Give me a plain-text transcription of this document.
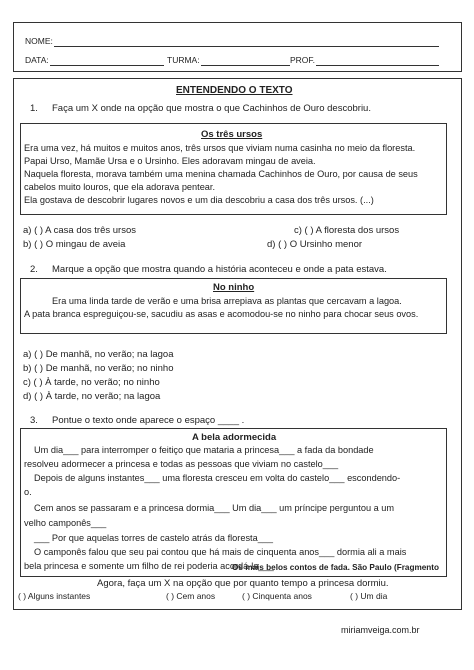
NOME:
DATA:	TURMA:	PROF.
ENTENDENDO O TEXTO
1. Faça um X onde na opção que mostra o que Cachinhos de Ouro descobriu.
Os três ursos
Era uma vez, há muitos e muitos anos, três ursos que viviam numa casinha no meio da floresta.
Papai Urso, Mamãe Ursa e o Ursinho. Eles adoravam mingau de aveia.
Naquela floresta, morava também uma menina chamada Cachinhos de Ouro, por causa de seus
cabelos muito louros, que ela adorava pentear.
Ela gostava de descobrir lugares novos e um dia descobriu a casa dos três ursos. (...)
a) ( ) A casa dos três ursos	c) ( ) A floresta dos ursos
b) ( ) O mingau de aveia	d) ( ) O Ursinho menor
2. Marque a opção que mostra quando a história aconteceu e onde a pata estava.
No ninho
Era uma linda tarde de verão e uma brisa arrepiava as plantas que cercavam a lagoa.
A pata branca espreguiçou-se, sacudiu as asas e acomodou-se no ninho para chocar seus ovos.
a) ( ) De manhã, no verão; na lagoa
b) ( ) De manhã, no verão; no ninho
c) ( ) À tarde, no verão; no ninho
d) ( ) À tarde, no verão; na lagoa
3. Pontue o texto onde aparece o espaço ____ .
A bela adormecida
Um dia___ para interromper o feitiço que mataria a princesa___ a fada da bondade
resolveu adormecer a princesa e todas as pessoas que viviam no castelo___
Depois de alguns instantes___ uma floresta cresceu em volta do castelo___ escondendo-
o.
Cem anos se passaram e a princesa dormia___ Um dia___ um príncipe perguntou a um
velho camponês___
___ Por que aquelas torres de castelo atrás da floresta___
O camponês falou que seu pai contou que há mais de cinquenta anos___ dormia ali a mais
bela princesa e somente um filho de rei poderia acordá-la___
Os mais belos contos de fada. São Paulo (Fragmento
Agora, faça um X na opção que por quanto tempo a princesa dormiu.
( ) Alguns instantes	( ) Cem anos	( ) Cinquenta anos	( ) Um dia
miriamveiga.com.br
